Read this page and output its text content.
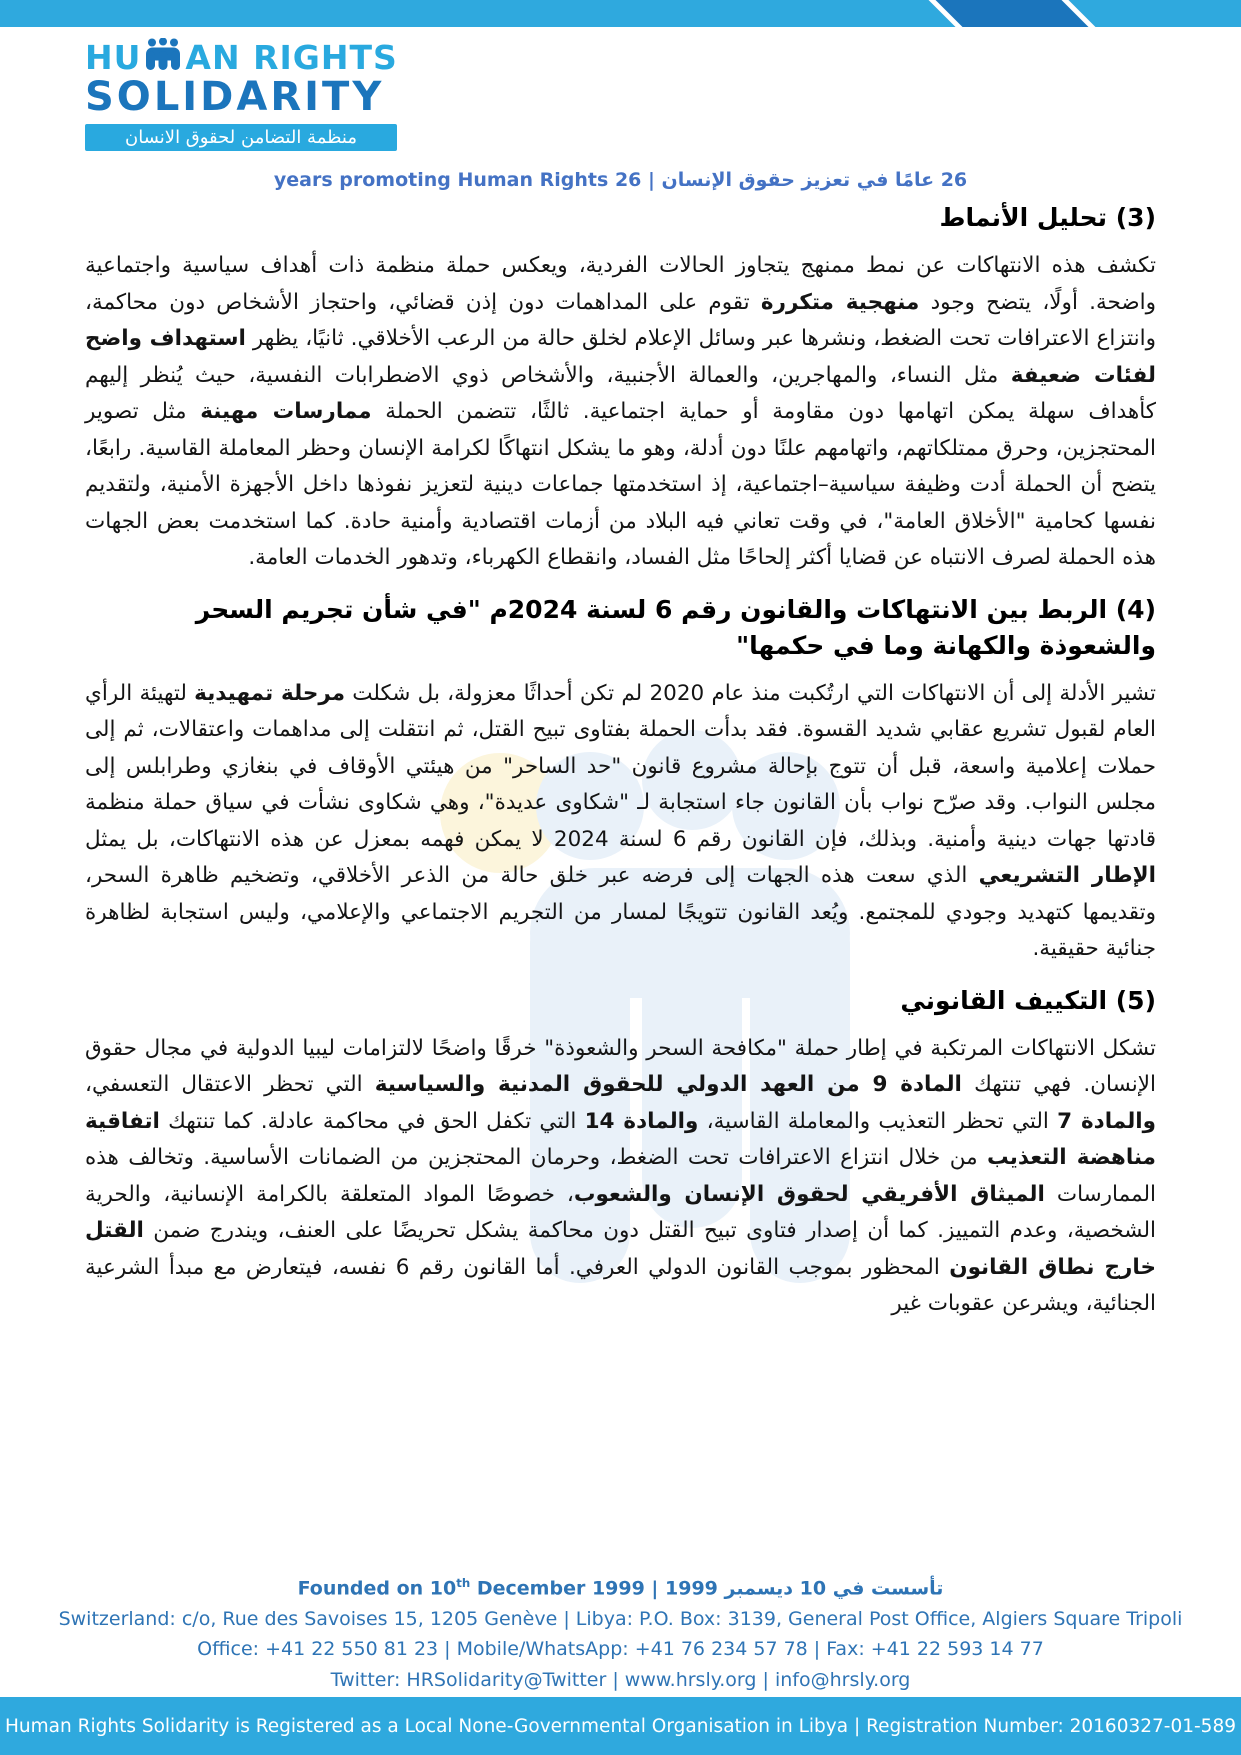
HU AN RIGHTS
SOLIDARITY
منظمة التضامن لحقوق الانسان
26 عامًا في تعزيز حقوق الإنسان | 26 years promoting Human Rights
(3) تحليل الأنماط

تكشف هذه الانتهاكات عن نمط ممنهج يتجاوز الحالات الفردية، ويعكس حملة منظمة ذات أهداف سياسية واجتماعية واضحة. أولًا، يتضح وجود منهجية متكررة تقوم على المداهمات دون إذن قضائي، واحتجاز الأشخاص دون محاكمة، وانتزاع الاعترافات تحت الضغط، ونشرها عبر وسائل الإعلام لخلق حالة من الرعب الأخلاقي. ثانيًا، يظهر استهداف واضح لفئات ضعيفة مثل النساء، والمهاجرين، والعمالة الأجنبية، والأشخاص ذوي الاضطرابات النفسية، حيث يُنظر إليهم كأهداف سهلة يمكن اتهامها دون مقاومة أو حماية اجتماعية. ثالثًا، تتضمن الحملة ممارسات مهينة مثل تصوير المحتجزين، وحرق ممتلكاتهم، واتهامهم علنًا دون أدلة، وهو ما يشكل انتهاكًا لكرامة الإنسان وحظر المعاملة القاسية. رابعًا، يتضح أن الحملة أدت وظيفة سياسية–اجتماعية، إذ استخدمتها جماعات دينية لتعزيز نفوذها داخل الأجهزة الأمنية، ولتقديم نفسها كحامية "الأخلاق العامة"، في وقت تعاني فيه البلاد من أزمات اقتصادية وأمنية حادة. كما استخدمت بعض الجهات هذه الحملة لصرف الانتباه عن قضايا أكثر إلحاحًا مثل الفساد، وانقطاع الكهرباء، وتدهور الخدمات العامة.

(4) الربط بين الانتهاكات والقانون رقم 6 لسنة 2024م "في شأن تجريم السحر والشعوذة والكهانة وما في حكمها"

تشير الأدلة إلى أن الانتهاكات التي ارتُكبت منذ عام 2020 لم تكن أحداثًا معزولة، بل شكلت مرحلة تمهيدية لتهيئة الرأي العام لقبول تشريع عقابي شديد القسوة. فقد بدأت الحملة بفتاوى تبيح القتل، ثم انتقلت إلى مداهمات واعتقالات، ثم إلى حملات إعلامية واسعة، قبل أن تتوج بإحالة مشروع قانون "حد الساحر" من هيئتي الأوقاف في بنغازي وطرابلس إلى مجلس النواب. وقد صرّح نواب بأن القانون جاء استجابة لـ "شكاوى عديدة"، وهي شكاوى نشأت في سياق حملة منظمة قادتها جهات دينية وأمنية. وبذلك، فإن القانون رقم 6 لسنة 2024 لا يمكن فهمه بمعزل عن هذه الانتهاكات، بل يمثل الإطار التشريعي الذي سعت هذه الجهات إلى فرضه عبر خلق حالة من الذعر الأخلاقي، وتضخيم ظاهرة السحر، وتقديمها كتهديد وجودي للمجتمع. ويُعد القانون تتويجًا لمسار من التجريم الاجتماعي والإعلامي، وليس استجابة لظاهرة جنائية حقيقية.

(5) التكييف القانوني

تشكل الانتهاكات المرتكبة في إطار حملة "مكافحة السحر والشعوذة" خرقًا واضحًا لالتزامات ليبيا الدولية في مجال حقوق الإنسان. فهي تنتهك المادة 9 من العهد الدولي للحقوق المدنية والسياسية التي تحظر الاعتقال التعسفي، والمادة 7 التي تحظر التعذيب والمعاملة القاسية، والمادة 14 التي تكفل الحق في محاكمة عادلة. كما تنتهك اتفاقية مناهضة التعذيب من خلال انتزاع الاعترافات تحت الضغط، وحرمان المحتجزين من الضمانات الأساسية. وتخالف هذه الممارسات الميثاق الأفريقي لحقوق الإنسان والشعوب، خصوصًا المواد المتعلقة بالكرامة الإنسانية، والحرية الشخصية، وعدم التمييز. كما أن إصدار فتاوى تبيح القتل دون محاكمة يشكل تحريضًا على العنف، ويندرج ضمن القتل خارج نطاق القانون المحظور بموجب القانون الدولي العرفي. أما القانون رقم 6 نفسه، فيتعارض مع مبدأ الشرعية الجنائية، ويشرعن عقوبات غير

Founded on 10th December 1999 | تأسست في 10 ديسمبر 1999
Switzerland: c/o, Rue des Savoises 15, 1205 Genève | Libya: P.O. Box: 3139, General Post Office, Algiers Square Tripoli
Office: +41 22 550 81 23 | Mobile/WhatsApp: +41 76 234 57 78 | Fax: +41 22 593 14 77
Twitter: HRSolidarity@Twitter | www.hrsly.org | info@hrsly.org
Human Rights Solidarity is Registered as a Local None-Governmental Organisation in Libya | Registration Number: 20160327-01-589
